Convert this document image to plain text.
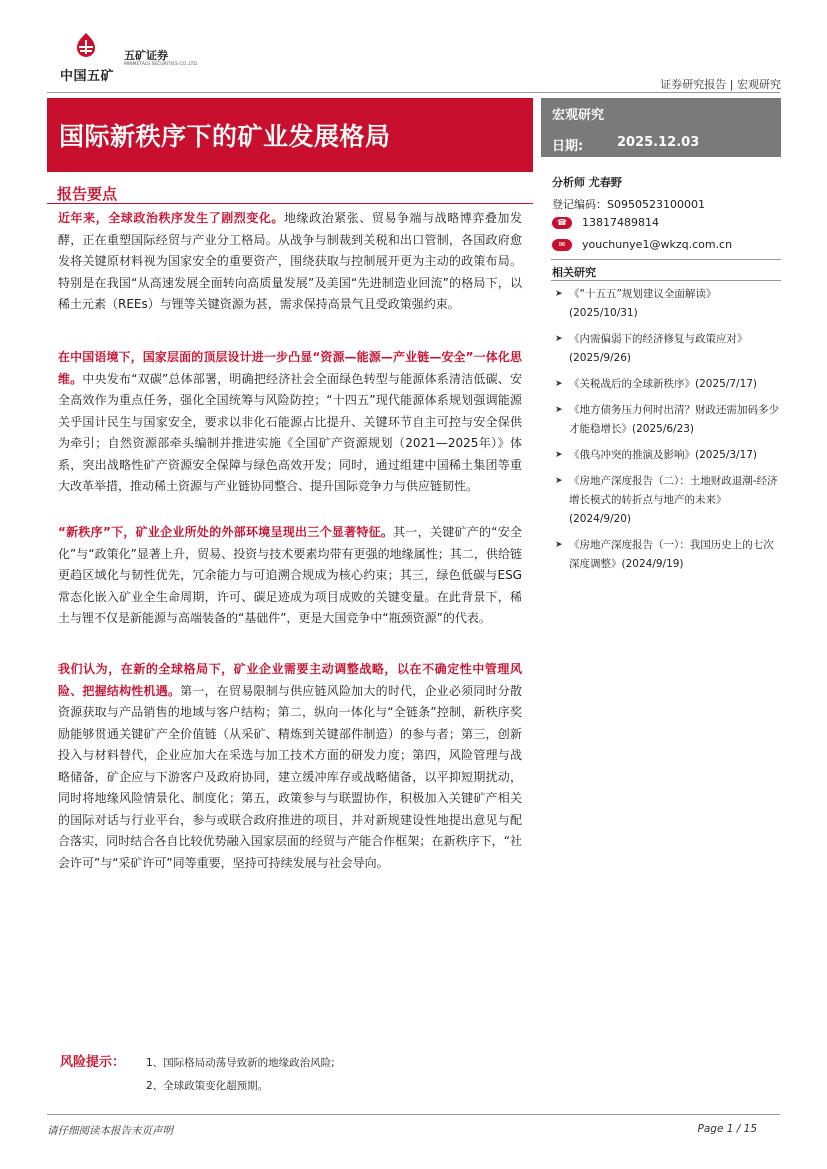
中国五矿
五矿证券
MINMETALS SECURITIES CO.,LTD.
证券研究报告 | 宏观研究
国际新秩序下的矿业发展格局
宏观研究
日期:	2025.12.03
报告要点
近年来，全球政治秩序发生了剧烈变化。地缘政治紧张、贸易争端与战略博弈叠加发酵，正在重塑国际经贸与产业分工格局。从战争与制裁到关税和出口管制，各国政府愈发将关键原材料视为国家安全的重要资产，围绕获取与控制展开更为主动的政策布局。特别是在我国“从高速发展全面转向高质量发展”及美国“先进制造业回流”的格局下，以稀土元素（REEs）与锂等关键资源为甚，需求保持高景气且受政策强约束。
在中国语境下，国家层面的顶层设计进一步凸显“资源—能源—产业链—安全”一体化思维。中央发布“双碳”总体部署，明确把经济社会全面绿色转型与能源体系清洁低碳、安全高效作为重点任务，强化全国统筹与风险防控；“十四五”现代能源体系规划强调能源关乎国计民生与国家安全，要求以非化石能源占比提升、关键环节自主可控与安全保供为牵引；自然资源部牵头编制并推进实施《全国矿产资源规划（2021—2025年）》体系，突出战略性矿产资源安全保障与绿色高效开发；同时，通过组建中国稀土集团等重大改革举措，推动稀土资源与产业链协同整合、提升国际竞争力与供应链韧性。
“新秩序”下，矿业企业所处的外部环境呈现出三个显著特征。其一，关键矿产的“安全化”与“政策化”显著上升，贸易、投资与技术要素均带有更强的地缘属性；其二，供给链更趋区域化与韧性优先，冗余能力与可追溯合规成为核心约束；其三，绿色低碳与ESG常态化嵌入矿业全生命周期，许可、碳足迹成为项目成败的关键变量。在此背景下，稀土与锂不仅是新能源与高端装备的“基础件”，更是大国竞争中“瓶颈资源”的代表。
我们认为，在新的全球格局下，矿业企业需要主动调整战略，以在不确定性中管理风险、把握结构性机遇。第一，在贸易限制与供应链风险加大的时代，企业必须同时分散资源获取与产品销售的地域与客户结构；第二，纵向一体化与“全链条”控制，新秩序奖励能够贯通关键矿产全价值链（从采矿、精炼到关键部件制造）的参与者；第三，创新投入与材料替代，企业应加大在采选与加工技术方面的研发力度；第四，风险管理与战略储备，矿企应与下游客户及政府协同，建立缓冲库存或战略储备，以平抑短期扰动，同时将地缘风险情景化、制度化；第五，政策参与与联盟协作，积极加入关键矿产相关的国际对话与行业平台，参与或联合政府推进的项目，并对新规建设性地提出意见与配合落实，同时结合各自比较优势融入国家层面的经贸与产能合作框架；在新秩序下，“社会许可”与“采矿许可”同等重要，坚持可持续发展与社会导向。
分析师 尤春野
登记编码：S0950523100001
☎ 13817489814
✉ youchunye1@wkzq.com.cn
相关研究
➤ 《“十五五”规划建议全面解读》(2025/10/31)
➤ 《内需偏弱下的经济修复与政策应对》(2025/9/26)
➤ 《关税战后的全球新秩序》(2025/7/17)
➤ 《地方债务压力何时出清？财政还需加码多少才能稳增长》(2025/6/23)
➤ 《俄乌冲突的推演及影响》(2025/3/17)
➤ 《房地产深度报告（二）：土地财政退潮-经济增长模式的转折点与地产的未来》(2024/9/20)
➤ 《房地产深度报告（一）：我国历史上的七次深度调整》(2024/9/19)
风险提示： 1、国际格局动荡导致新的地缘政治风险;
2、全球政策变化超预期。
请仔细阅读本报告末页声明	Page 1 / 15
